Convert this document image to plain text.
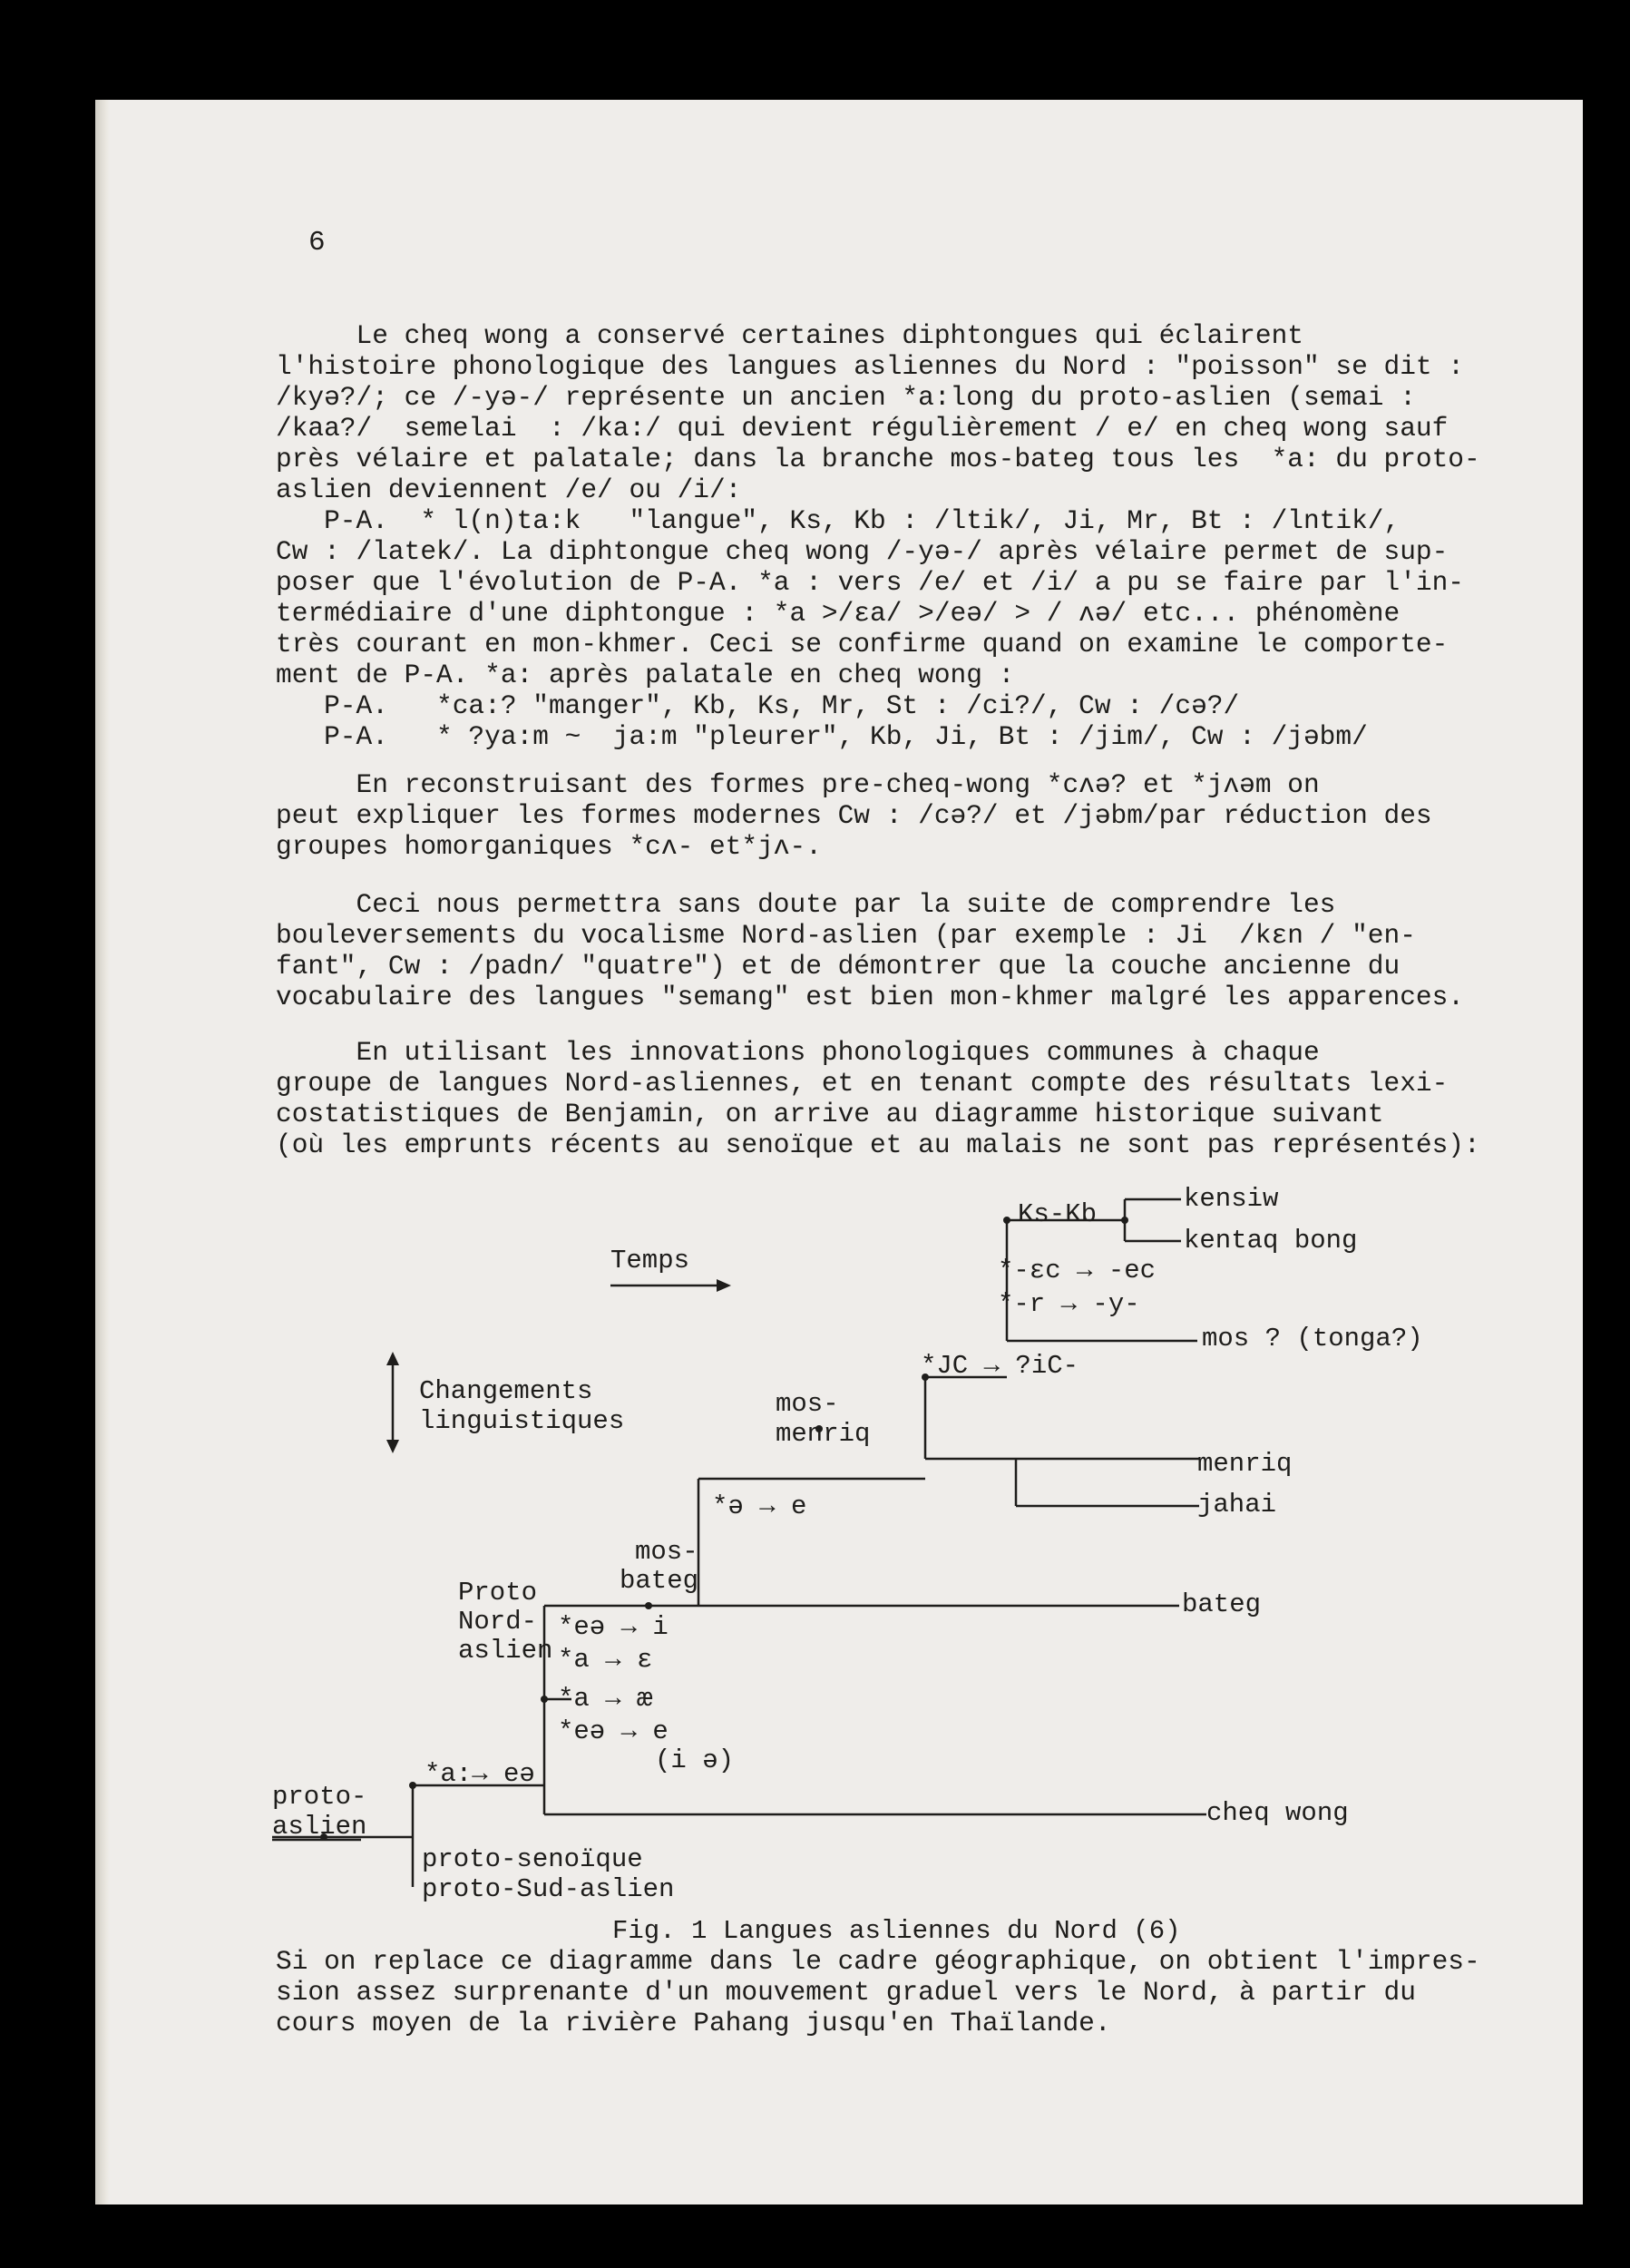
6
Le cheq wong a conservé certaines diphtongues qui éclairent
l'histoire phonologique des langues asliennes du Nord : "poisson" se dit :
/kyə?/; ce /-yə-/ représente un ancien *a:long du proto-aslien (semai :
/kaa?/  semelai  : /ka:/ qui devient régulièrement / e/ en cheq wong sauf
près vélaire et palatale; dans la branche mos-bateg tous les  *a: du proto-
aslien deviennent /e/ ou /i/:
P-A.  * l(n)ta:k   "langue", Ks, Kb : /ltik/, Ji, Mr, Bt : /lntik/,
Cw : /latek/. La diphtongue cheq wong /-yə-/ après vélaire permet de sup-
poser que l'évolution de P-A. *a : vers /e/ et /i/ a pu se faire par l'in-
termédiaire d'une diphtongue : *a >/εa/ >/eə/ > / ʌə/ etc... phénomène
très courant en mon-khmer. Ceci se confirme quand on examine le comporte-
ment de P-A. *a: après palatale en cheq wong :
P-A.   *ca:? "manger", Kb, Ks, Mr, St : /ci?/, Cw : /cə?/
P-A.   * ?ya:m ~  ja:m "pleurer", Kb, Ji, Bt : /jim/, Cw : /jəbm/
En reconstruisant des formes pre-cheq-wong *cʌə? et *jʌəm on
peut expliquer les formes modernes Cw : /cə?/ et /jəbm/par réduction des
groupes homorganiques *cʌ- et*jʌ-.
Ceci nous permettra sans doute par la suite de comprendre les
bouleversements du vocalisme Nord-aslien (par exemple : Ji  /kεn / "en-
fant", Cw : /padn/ "quatre") et de démontrer que la couche ancienne du
vocabulaire des langues "semang" est bien mon-khmer malgré les apparences.
En utilisant les innovations phonologiques communes à chaque
groupe de langues Nord-asliennes, et en tenant compte des résultats lexi-
costatistiques de Benjamin, on arrive au diagramme historique suivant
(où les emprunts récents au senoïque et au malais ne sont pas représentés):
Ks-Kb
kensiw
kentaq bong
Temps	*-εc → -ec
*-r → -y-
mos ? (tonga?)
*JC → ?iC-
Changements
linguistiques
mos-
menriq
menriq
*ə → e	jahai
mos-
bateg
bateg
Proto
Nord-
aslien
*eə → i
*a → ε
*a → æ
*eə → e
(i ə)
*a:→ eə
cheq wong
proto-
aslien
proto-senoïque
proto-Sud-aslien
Fig. 1 Langues asliennes du Nord (6)
Si on replace ce diagramme dans le cadre géographique, on obtient l'impres-
sion assez surprenante d'un mouvement graduel vers le Nord, à partir du
cours moyen de la rivière Pahang jusqu'en Thaïlande.
